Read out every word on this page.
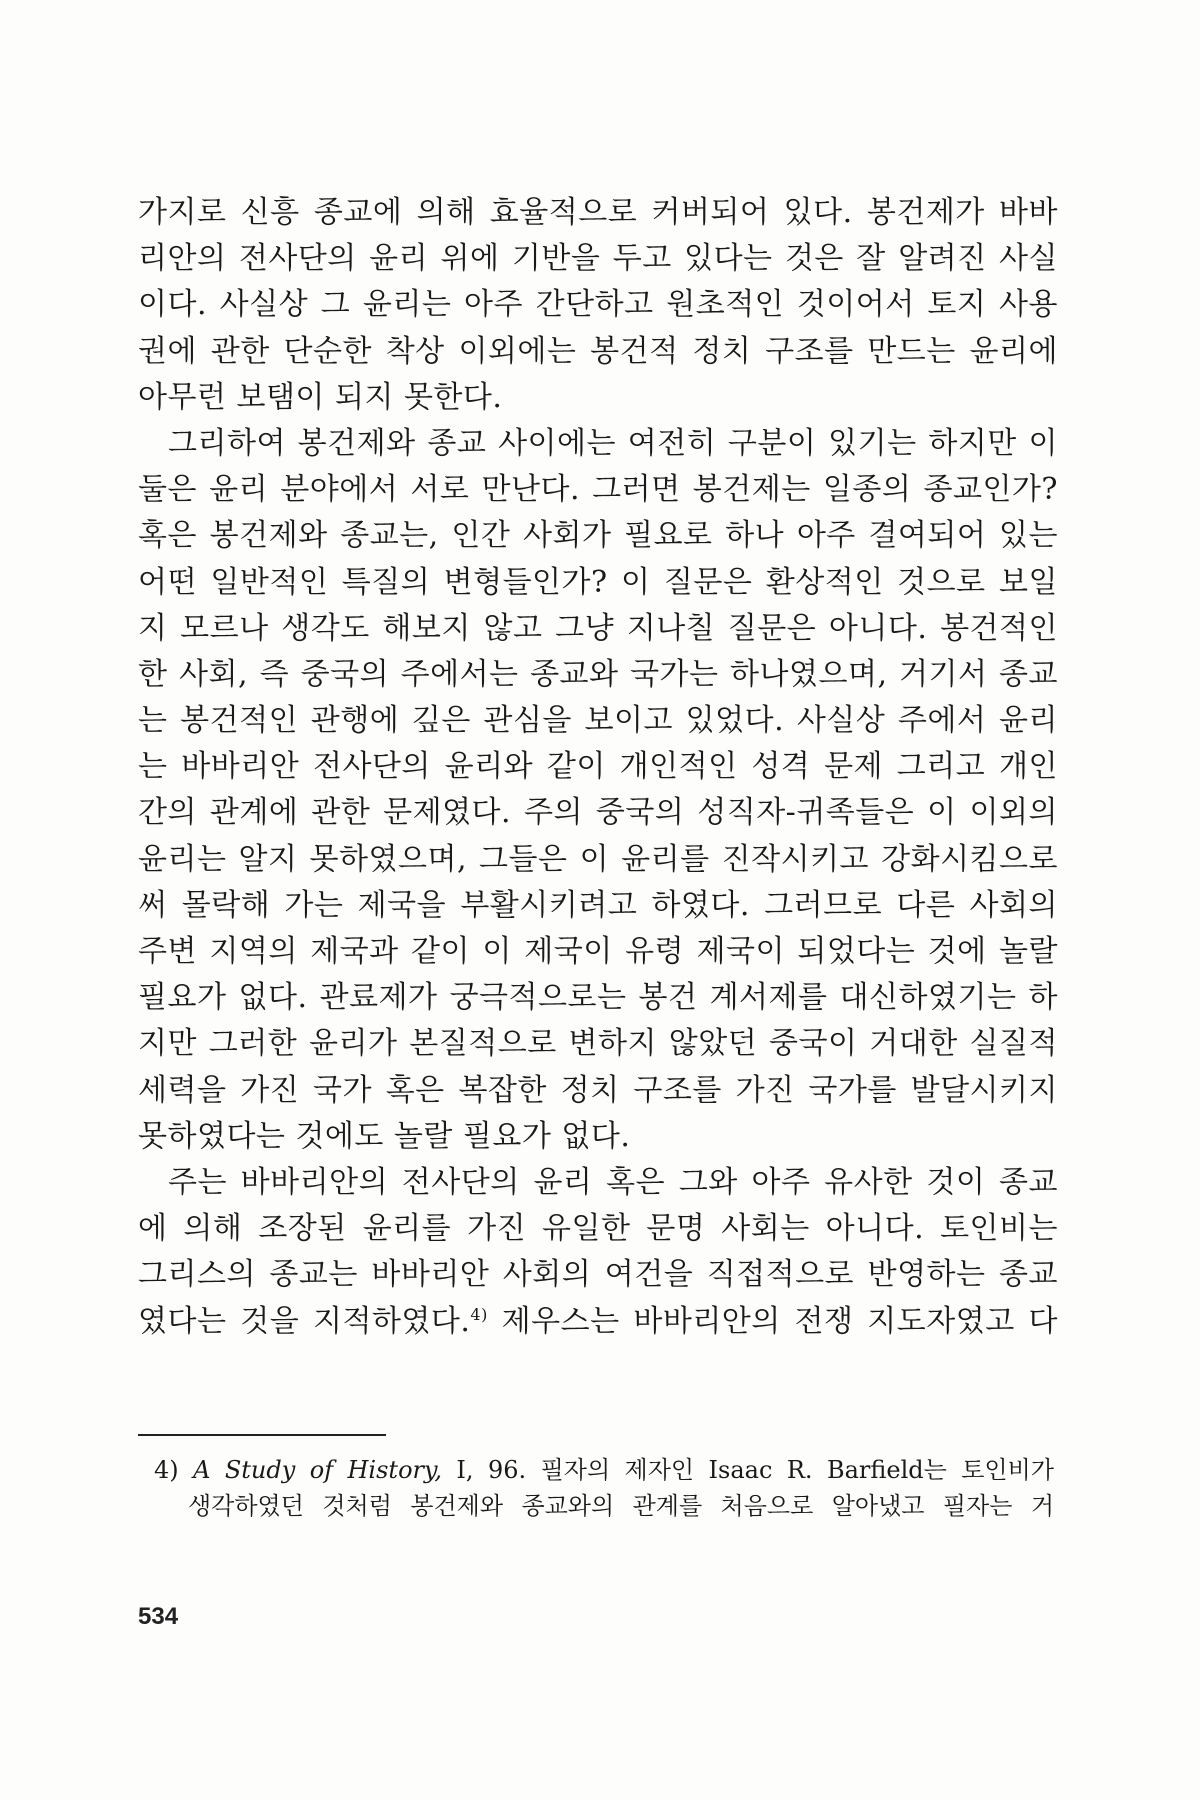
가지로 신흥 종교에 의해 효율적으로 커버되어 있다. 봉건제가 바바
리안의 전사단의 윤리 위에 기반을 두고 있다는 것은 잘 알려진 사실
이다. 사실상 그 윤리는 아주 간단하고 원초적인 것이어서 토지 사용
권에 관한 단순한 착상 이외에는 봉건적 정치 구조를 만드는 윤리에
아무런 보탬이 되지 못한다.
그리하여 봉건제와 종교 사이에는 여전히 구분이 있기는 하지만 이
둘은 윤리 분야에서 서로 만난다. 그러면 봉건제는 일종의 종교인가?
혹은 봉건제와 종교는, 인간 사회가 필요로 하나 아주 결여되어 있는
어떤 일반적인 특질의 변형들인가? 이 질문은 환상적인 것으로 보일
지 모르나 생각도 해보지 않고 그냥 지나칠 질문은 아니다. 봉건적인
한 사회, 즉 중국의 주에서는 종교와 국가는 하나였으며, 거기서 종교
는 봉건적인 관행에 깊은 관심을 보이고 있었다. 사실상 주에서 윤리
는 바바리안 전사단의 윤리와 같이 개인적인 성격 문제 그리고 개인
간의 관계에 관한 문제였다. 주의 중국의 성직자-귀족들은 이 이외의
윤리는 알지 못하였으며, 그들은 이 윤리를 진작시키고 강화시킴으로
써 몰락해 가는 제국을 부활시키려고 하였다. 그러므로 다른 사회의
주변 지역의 제국과 같이 이 제국이 유령 제국이 되었다는 것에 놀랄
필요가 없다. 관료제가 궁극적으로는 봉건 계서제를 대신하였기는 하
지만 그러한 윤리가 본질적으로 변하지 않았던 중국이 거대한 실질적
세력을 가진 국가 혹은 복잡한 정치 구조를 가진 국가를 발달시키지
못하였다는 것에도 놀랄 필요가 없다.
주는 바바리안의 전사단의 윤리 혹은 그와 아주 유사한 것이 종교
에 의해 조장된 윤리를 가진 유일한 문명 사회는 아니다. 토인비는
그리스의 종교는 바바리안 사회의 여건을 직접적으로 반영하는 종교
였다는 것을 지적하였다.$^{4)}$ 제우스는 바바리안의 전쟁 지도자였고 다
4) A Study of History, I, 96. 필자의 제자인 Isaac R. Barfield는 토인비가
생각하였던 것처럼 봉건제와 종교와의 관계를 처음으로 알아냈고 필자는 거
534
